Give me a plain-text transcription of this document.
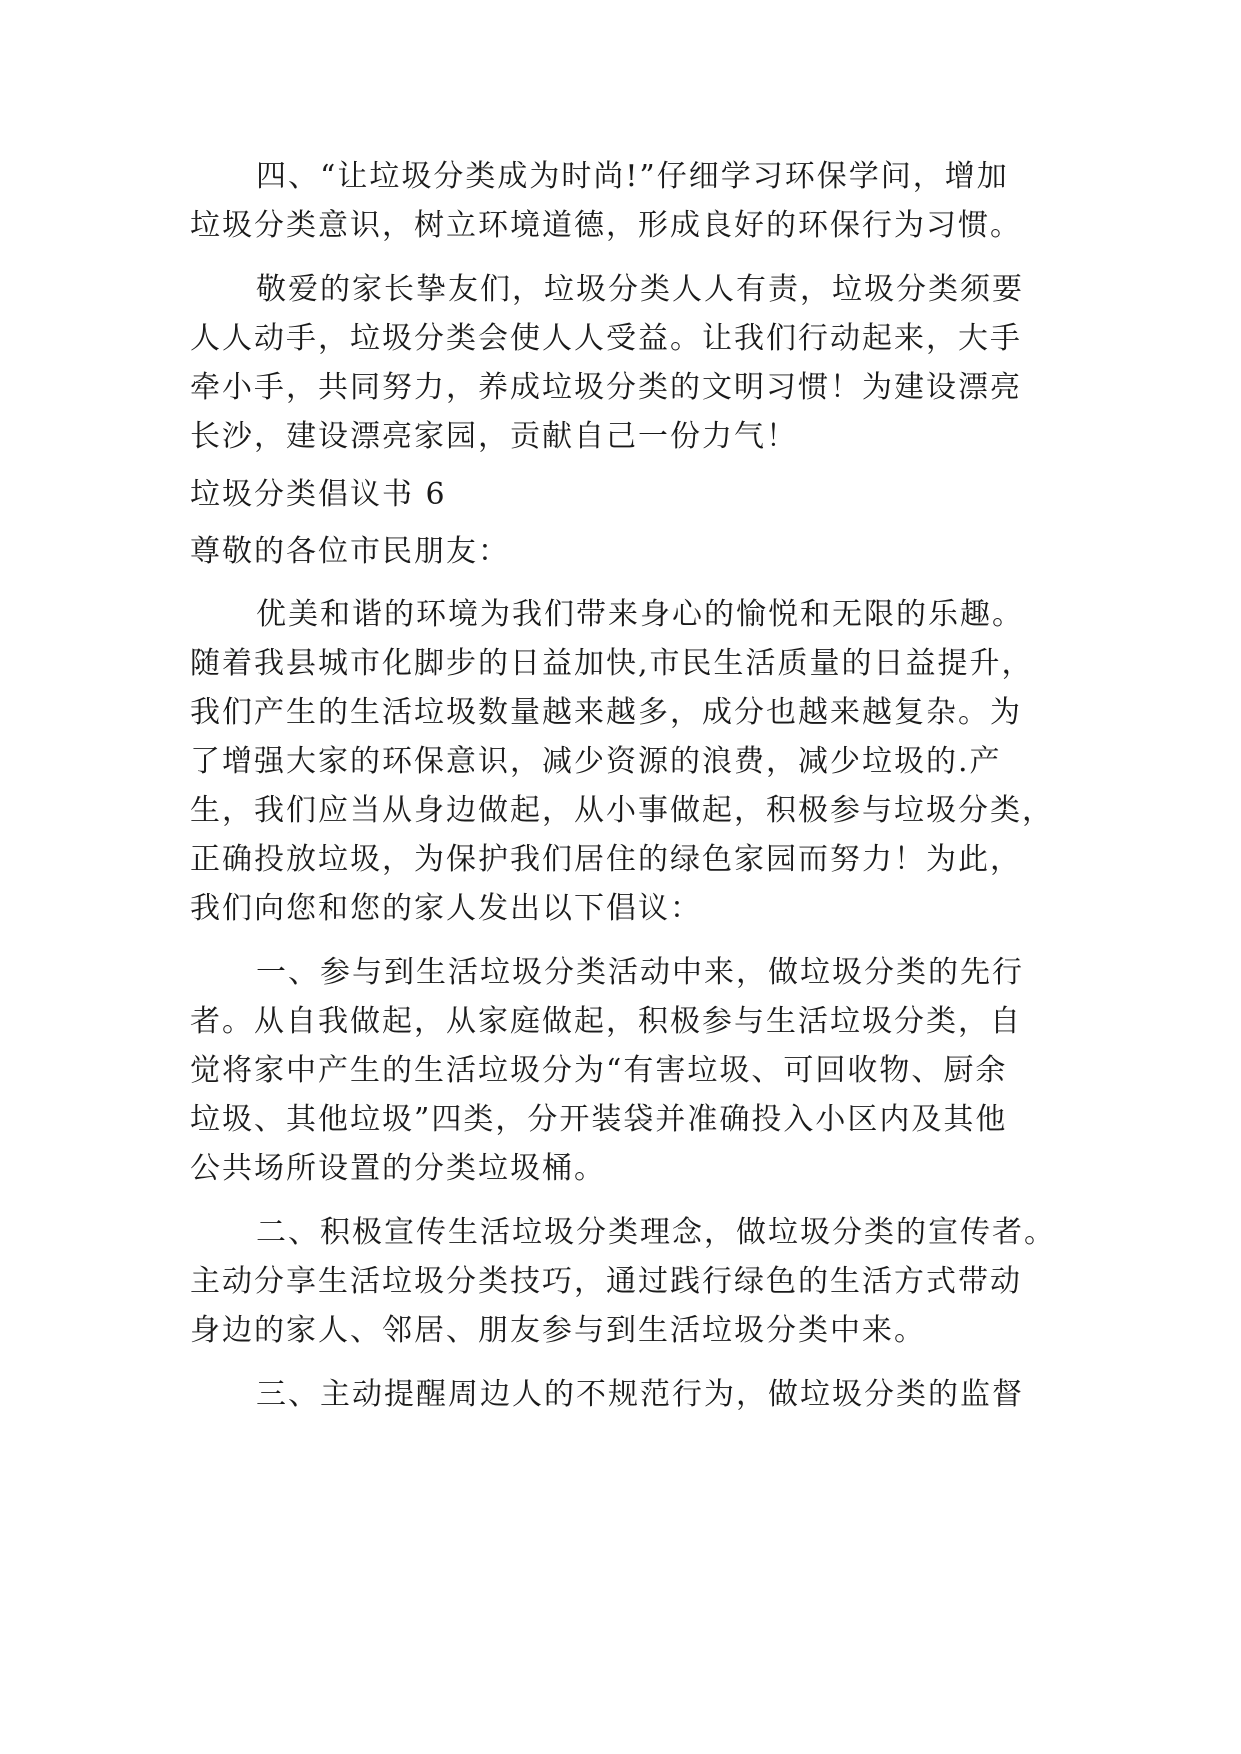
四、“让垃圾分类成为时尚!”仔细学习环保学问，增加
垃圾分类意识，树立环境道德，形成良好的环保行为习惯。
敬爱的家长挚友们，垃圾分类人人有责，垃圾分类须要
人人动手，垃圾分类会使人人受益。让我们行动起来，大手
牵小手，共同努力，养成垃圾分类的文明习惯！为建设漂亮
长沙，建设漂亮家园，贡献自己一份力气！
垃圾分类倡议书 6
尊敬的各位市民朋友：
优美和谐的环境为我们带来身心的愉悦和无限的乐趣。
随着我县城市化脚步的日益加快,市民生活质量的日益提升，
我们产生的生活垃圾数量越来越多，成分也越来越复杂。为
了增强大家的环保意识，减少资源的浪费，减少垃圾的.产
生，我们应当从身边做起，从小事做起，积极参与垃圾分类，
正确投放垃圾，为保护我们居住的绿色家园而努力！为此，
我们向您和您的家人发出以下倡议：
一、参与到生活垃圾分类活动中来，做垃圾分类的先行
者。从自我做起，从家庭做起，积极参与生活垃圾分类，自
觉将家中产生的生活垃圾分为“有害垃圾、可回收物、厨余
垃圾、其他垃圾”四类，分开装袋并准确投入小区内及其他
公共场所设置的分类垃圾桶。
二、积极宣传生活垃圾分类理念，做垃圾分类的宣传者。
主动分享生活垃圾分类技巧，通过践行绿色的生活方式带动
身边的家人、邻居、朋友参与到生活垃圾分类中来。
三、主动提醒周边人的不规范行为，做垃圾分类的监督
